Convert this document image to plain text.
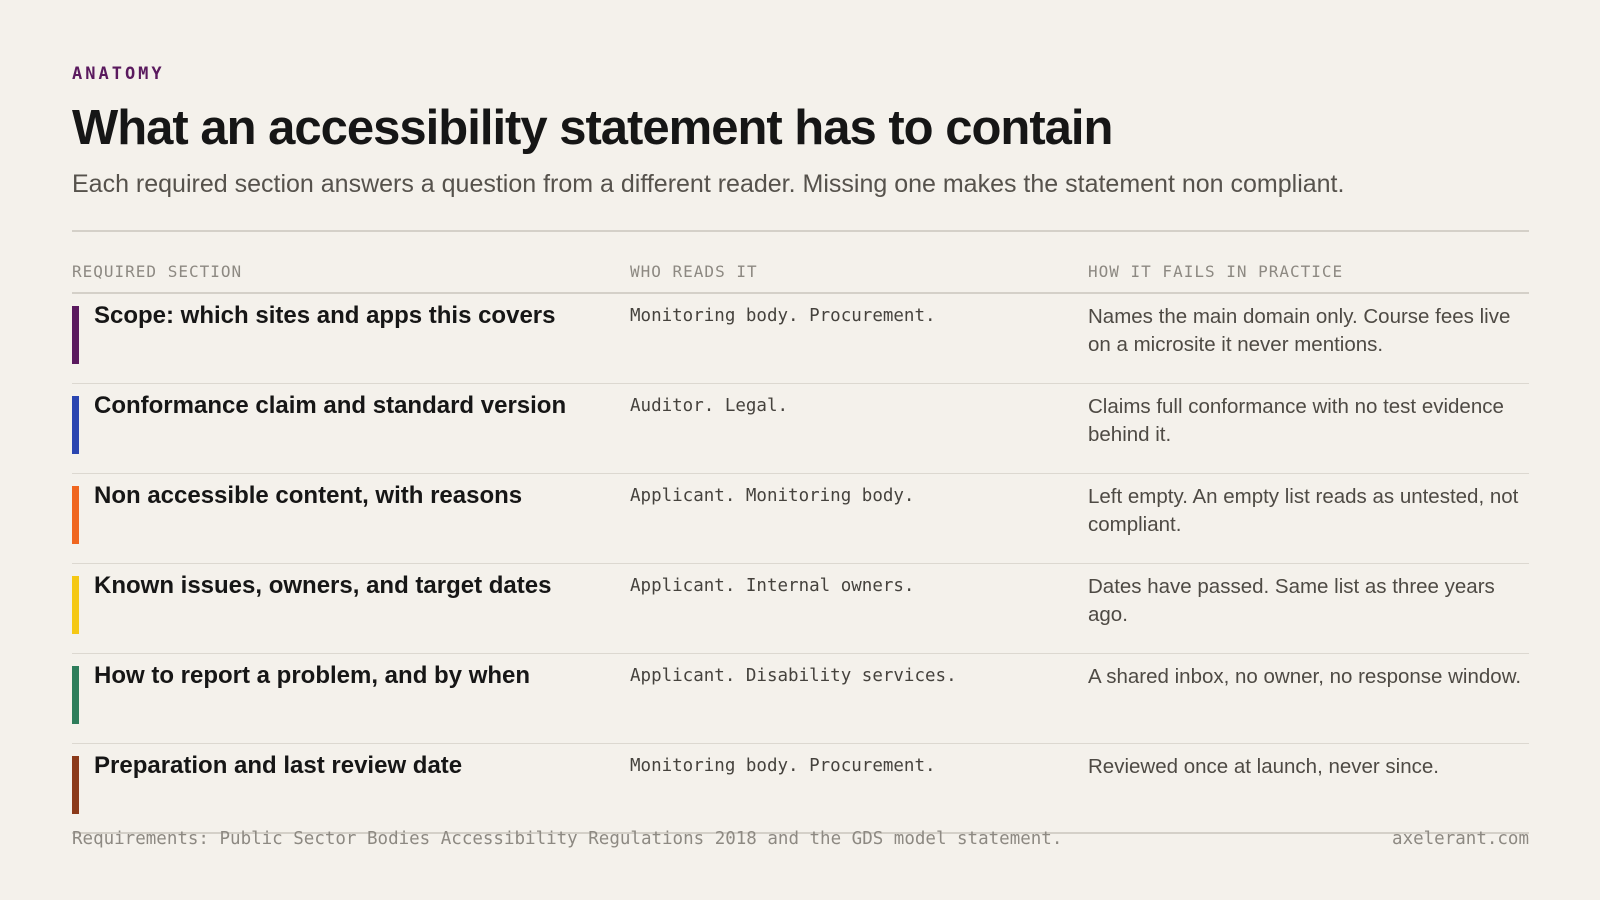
ANATOMY
What an accessibility statement has to contain
Each required section answers a question from a different reader. Missing one makes the statement non compliant.
REQUIRED SECTION	WHO READS IT	HOW IT FAILS IN PRACTICE
Scope: which sites and apps this covers	Monitoring body. Procurement.	Names the main domain only. Course fees live on a microsite it never mentions.
Conformance claim and standard version	Auditor. Legal.	Claims full conformance with no test evidence behind it.
Non accessible content, with reasons	Applicant. Monitoring body.	Left empty. An empty list reads as untested, not compliant.
Known issues, owners, and target dates	Applicant. Internal owners.	Dates have passed. Same list as three years ago.
How to report a problem, and by when	Applicant. Disability services.	A shared inbox, no owner, no response window.
Preparation and last review date	Monitoring body. Procurement.	Reviewed once at launch, never since.
Requirements: Public Sector Bodies Accessibility Regulations 2018 and the GDS model statement.	axelerant.com
